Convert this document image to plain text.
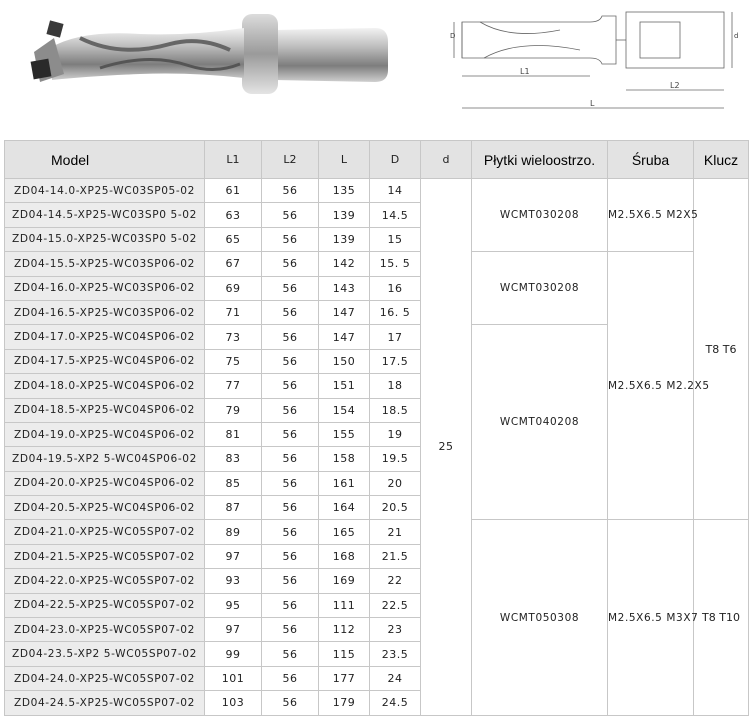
L1
L2
L
D	d
Model	L1	L2	L	D	d	Płytki wieloostrzo.	Śruba	Klucz
ZD04-14.0-XP25-WC03SP05-02	61	56	135	14	25	WCMT030208	M2.5X6.5 M2X5	T8 T6
ZD04-14.5-XP25-WC03SP0 5-02	63	56	139	14.5				
ZD04-15.0-XP25-WC03SP0 5-02	65	56	139	15				
ZD04-15.5-XP25-WC03SP06-02	67	56	142	15. 5		WCMT030208	M2.5X6.5 M2.2X5	
ZD04-16.0-XP25-WC03SP06-02	69	56	143	16				
ZD04-16.5-XP25-WC03SP06-02	71	56	147	16. 5				
ZD04-17.0-XP25-WC04SP06-02	73	56	147	17		WCMT040208		
ZD04-17.5-XP25-WC04SP06-02	75	56	150	17.5				
ZD04-18.0-XP25-WC04SP06-02	77	56	151	18				
ZD04-18.5-XP25-WC04SP06-02	79	56	154	18.5				
ZD04-19.0-XP25-WC04SP06-02	81	56	155	19				
ZD04-19.5-XP2 5-WC04SP06-02	83	56	158	19.5				
ZD04-20.0-XP25-WC04SP06-02	85	56	161	20				
ZD04-20.5-XP25-WC04SP06-02	87	56	164	20.5				
ZD04-21.0-XP25-WC05SP07-02	89	56	165	21		WCMT050308	M2.5X6.5 M3X7	T8 T10
ZD04-21.5-XP25-WC05SP07-02	97	56	168	21.5				
ZD04-22.0-XP25-WC05SP07-02	93	56	169	22				
ZD04-22.5-XP25-WC05SP07-02	95	56	111	22.5				
ZD04-23.0-XP25-WC05SP07-02	97	56	112	23				
ZD04-23.5-XP2 5-WC05SP07-02	99	56	115	23.5				
ZD04-24.0-XP25-WC05SP07-02	101	56	177	24				
ZD04-24.5-XP25-WC05SP07-02	103	56	179	24.5				
